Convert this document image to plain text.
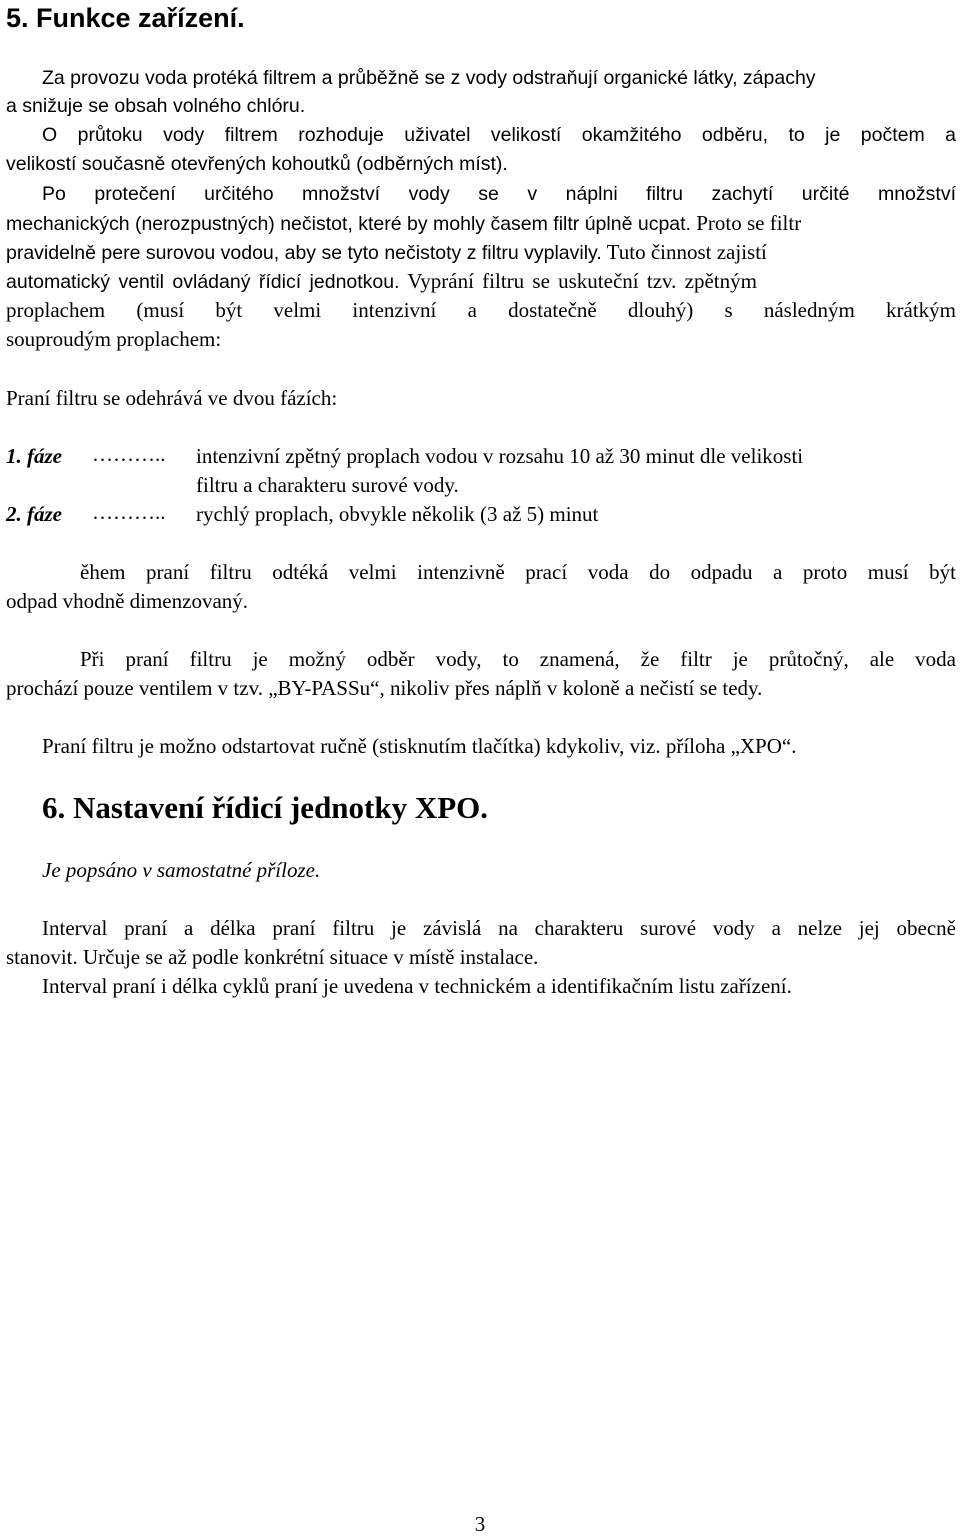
5. Funkce zařízení.

Za provozu voda protéká filtrem a průběžně se z vody odstraňují organické látky, zápachy

a snižuje se obsah volného chlóru.

O průtoku vody filtrem rozhoduje uživatel velikostí okamžitého odběru, to je počtem a

velikostí současně otevřených kohoutků (odběrných míst).

Po protečení určitého množství vody se v náplni filtru zachytí určité množství

mechanických (nerozpustných) nečistot, které by mohly časem filtr úplně ucpat. Proto se filtr

pravidelně pere surovou vodou, aby se tyto nečistoty z filtru vyplavily. Tuto činnost zajistí

automatický ventil ovládaný řídicí jednotkou. Vyprání filtru se uskuteční tzv. zpětným

proplachem (musí být velmi intenzivní a dostatečně dlouhý) s následným krátkým

souproudým proplachem:

Praní filtru se odehrává ve dvou fázích:

1. fáze ……….. intenzivní zpětný proplach vodou v rozsahu 10 až 30 minut dle velikosti
filtru a charakteru surové vody.
2. fáze ……….. rychlý proplach, obvykle několik (3 až 5) minut

ěhem praní filtru odtéká velmi intenzivně prací voda do odpadu a proto musí být

odpad vhodně dimenzovaný.

Při praní filtru je možný odběr vody, to znamená, že filtr je průtočný, ale voda

prochází pouze ventilem v tzv. „BY-PASSu“, nikoliv přes náplň v koloně a nečistí se tedy.

Praní filtru je možno odstartovat ručně (stisknutím tlačítka) kdykoliv, viz. příloha „XPO“.

6. Nastavení řídicí jednotky XPO.

Je popsáno v samostatné příloze.

Interval praní a délka praní filtru je závislá na charakteru surové vody a nelze jej obecně

stanovit. Určuje se až podle konkrétní situace v místě instalace.

Interval praní i délka cyklů praní je uvedena v technickém a identifikačním listu zařízení.

3
